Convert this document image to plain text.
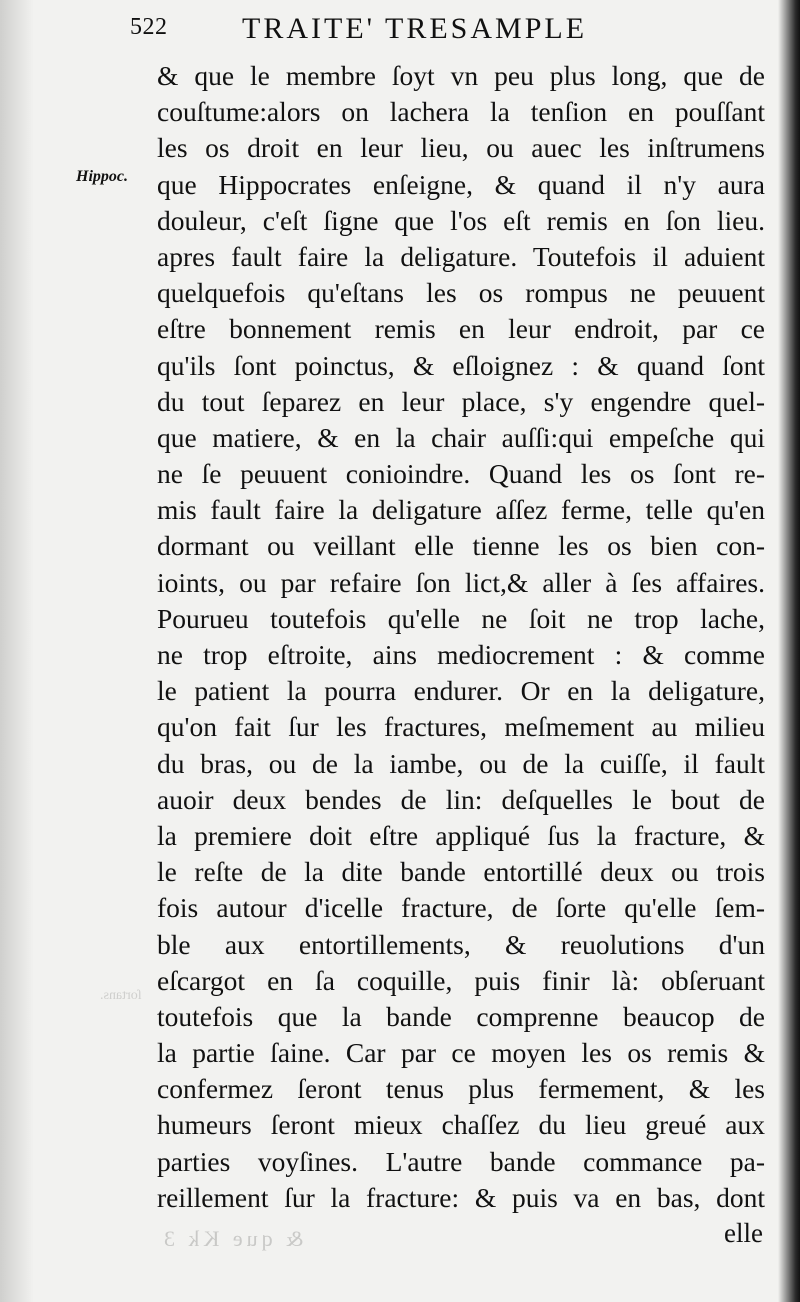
522 TRAITE' TRESAMPLE
Hippoc.
& que le membre ſoyt vn peu plus long, que de
couſtume:alors on lachera la tenſion en pouſſant
les os droit en leur lieu, ou auec les inſtrumens
que Hippocrates enſeigne, & quand il n'y aura
douleur, c'eſt ſigne que l'os eſt remis en ſon lieu.
apres fault faire la deligature. Toutefois il aduient
quelquefois qu'eſtans les os rompus ne peuuent
eſtre bonnement remis en leur endroit, par ce
qu'ils ſont poinctus, & eſloignez : & quand ſont
du tout ſeparez en leur place, s'y engendre quel-
que matiere, & en la chair auſſi:qui empeſche qui
ne ſe peuuent conioindre. Quand les os ſont re-
mis fault faire la deligature aſſez ferme, telle qu'en
dormant ou veillant elle tienne les os bien con-
ioints, ou par refaire ſon lict,& aller à ſes affaires.
Pourueu toutefois qu'elle ne ſoit ne trop lache,
ne trop eſtroite, ains mediocrement : & comme
le patient la pourra endurer. Or en la deligature,
qu'on fait ſur les fractures, meſmement au milieu
du bras, ou de la iambe, ou de la cuiſſe, il fault
auoir deux bendes de lin: deſquelles le bout de
la premiere doit eſtre appliqué ſus la fracture, &
le reſte de la dite bande entortillé deux ou trois
fois autour d'icelle fracture, de ſorte qu'elle ſem-
ble aux entortillements, & reuolutions d'un
eſcargot en ſa coquille, puis finir là: obſeruant
toutefois que la bande comprenne beaucop de
la partie ſaine. Car par ce moyen les os remis &
confermez ſeront tenus plus fermement, & les
humeurs ſeront mieux chaſſez du lieu greué aux
parties voyſines. L'autre bande commance pa-
reillement ſur la fracture: & puis va en bas, dont
ſortans.
& que Kk 3	elle
